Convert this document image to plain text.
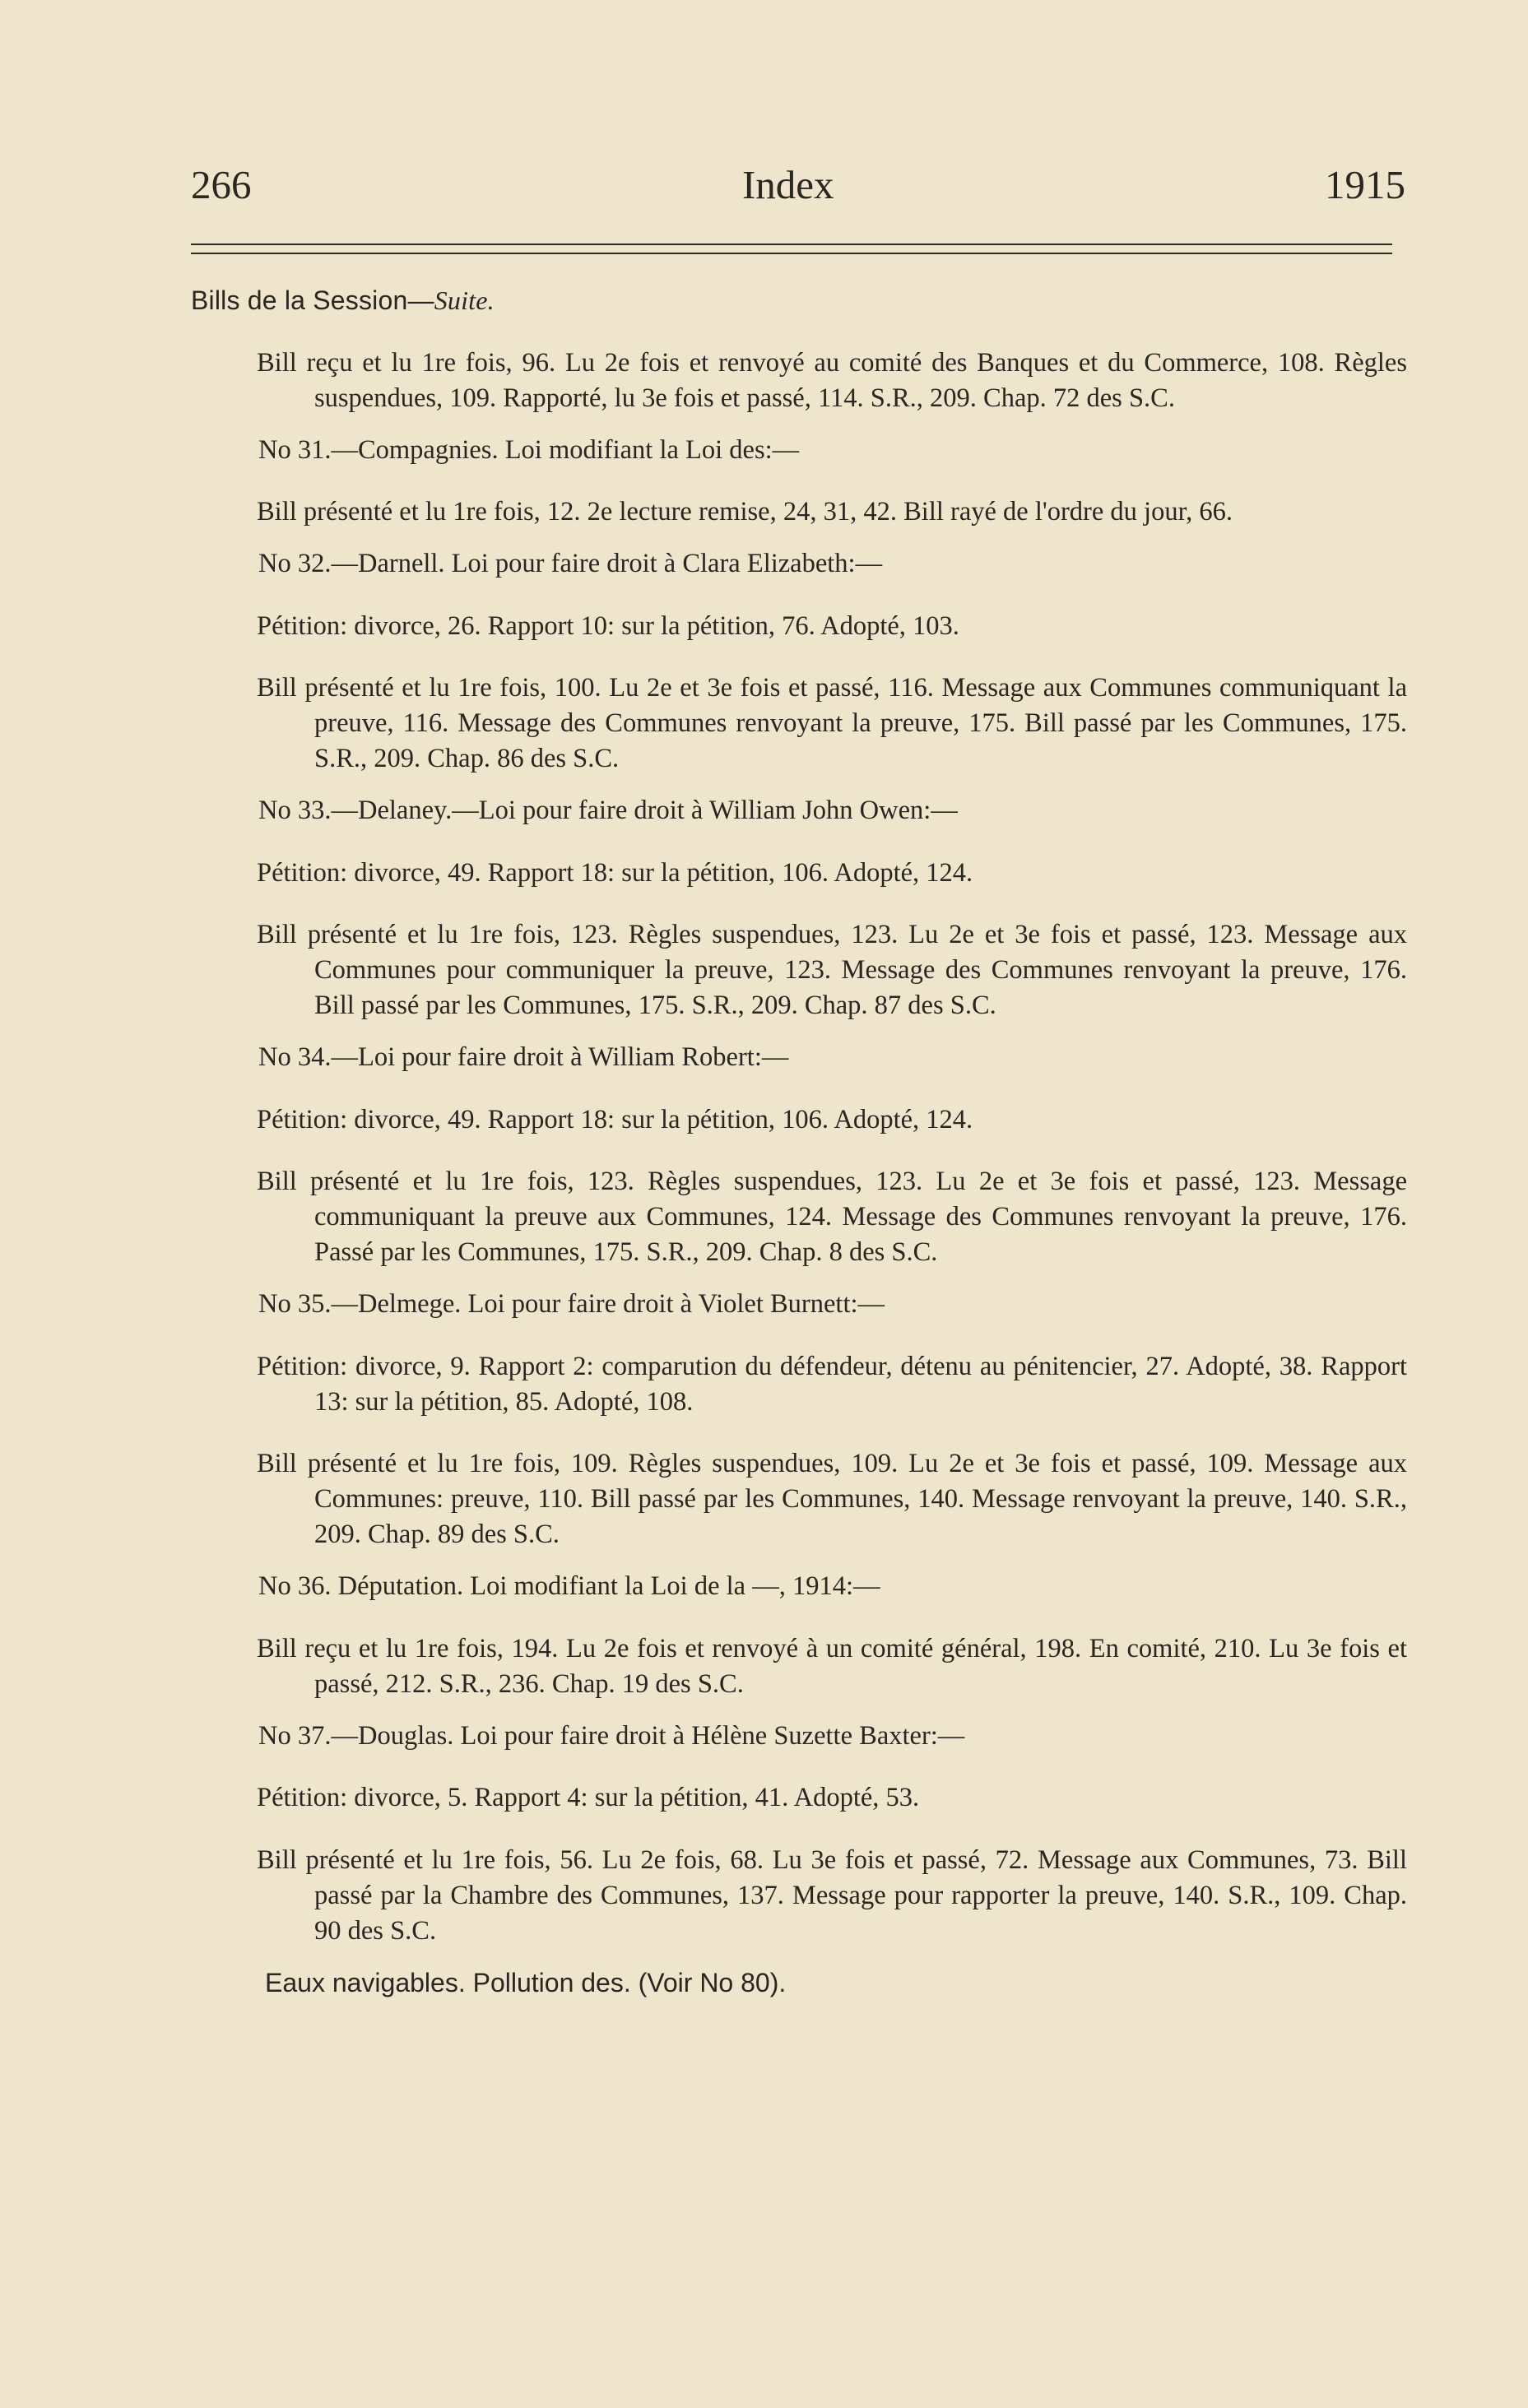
266	Index	1915
Bills de la Session—Suite.

Bill reçu et lu 1re fois, 96. Lu 2e fois et renvoyé au comité des Banques et du Commerce, 108. Règles suspendues, 109. Rapporté, lu 3e fois et passé, 114. S.R., 209. Chap. 72 des S.C.

No 31.—Compagnies. Loi modifiant la Loi des:—

Bill présenté et lu 1re fois, 12. 2e lecture remise, 24, 31, 42. Bill rayé de l'ordre du jour, 66.

No 32.—Darnell. Loi pour faire droit à Clara Elizabeth:—

Pétition: divorce, 26. Rapport 10: sur la pétition, 76. Adopté, 103.

Bill présenté et lu 1re fois, 100. Lu 2e et 3e fois et passé, 116. Message aux Communes communiquant la preuve, 116. Message des Communes renvoyant la preuve, 175. Bill passé par les Communes, 175. S.R., 209. Chap. 86 des S.C.

No 33.—Delaney.—Loi pour faire droit à William John Owen:—

Pétition: divorce, 49. Rapport 18: sur la pétition, 106. Adopté, 124.

Bill présenté et lu 1re fois, 123. Règles suspendues, 123. Lu 2e et 3e fois et passé, 123. Message aux Communes pour communiquer la preuve, 123. Message des Communes renvoyant la preuve, 176. Bill passé par les Communes, 175. S.R., 209. Chap. 87 des S.C.

No 34.—Loi pour faire droit à William Robert:—

Pétition: divorce, 49. Rapport 18: sur la pétition, 106. Adopté, 124.

Bill présenté et lu 1re fois, 123. Règles suspendues, 123. Lu 2e et 3e fois et passé, 123. Message communiquant la preuve aux Communes, 124. Message des Communes renvoyant la preuve, 176. Passé par les Communes, 175. S.R., 209. Chap. 8 des S.C.

No 35.—Delmege. Loi pour faire droit à Violet Burnett:—

Pétition: divorce, 9. Rapport 2: comparution du défendeur, détenu au pénitencier, 27. Adopté, 38. Rapport 13: sur la pétition, 85. Adopté, 108.

Bill présenté et lu 1re fois, 109. Règles suspendues, 109. Lu 2e et 3e fois et passé, 109. Message aux Communes: preuve, 110. Bill passé par les Communes, 140. Message renvoyant la preuve, 140. S.R., 209. Chap. 89 des S.C.

No 36. Députation. Loi modifiant la Loi de la —, 1914:—

Bill reçu et lu 1re fois, 194. Lu 2e fois et renvoyé à un comité général, 198. En comité, 210. Lu 3e fois et passé, 212. S.R., 236. Chap. 19 des S.C.

No 37.—Douglas. Loi pour faire droit à Hélène Suzette Baxter:—

Pétition: divorce, 5. Rapport 4: sur la pétition, 41. Adopté, 53.

Bill présenté et lu 1re fois, 56. Lu 2e fois, 68. Lu 3e fois et passé, 72. Message aux Communes, 73. Bill passé par la Chambre des Communes, 137. Message pour rapporter la preuve, 140. S.R., 109. Chap. 90 des S.C.

Eaux navigables. Pollution des. (Voir No 80).
